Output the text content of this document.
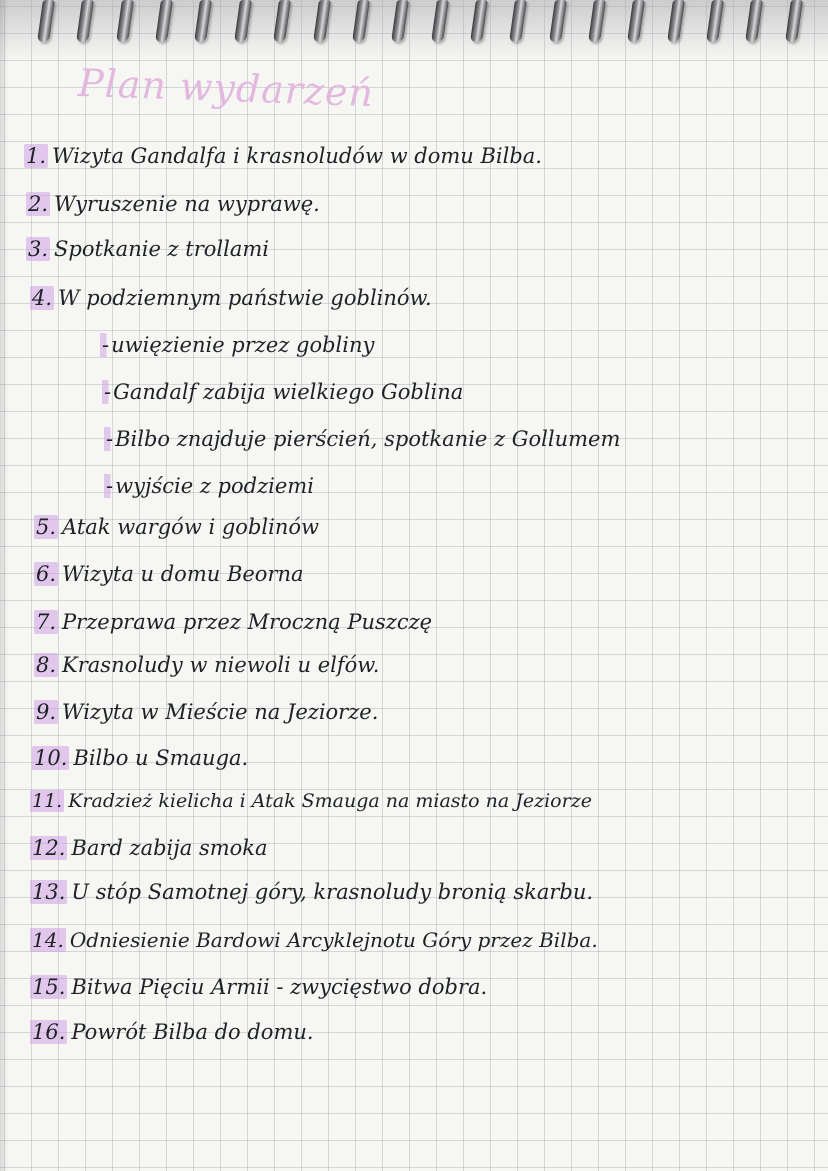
Plan wydarzeń
1. Wizyta Gandalfa i krasnoludów w domu Bilba.
2. Wyruszenie na wyprawę.
3. Spotkanie z trollami
4. W podziemnym państwie goblinów.
-uwięzienie przez gobliny
-Gandalf zabija wielkiego Goblina
-Bilbo znajduje pierścień, spotkanie z Gollumem
-wyjście z podziemi
5. Atak wargów i goblinów
6. Wizyta u domu Beorna
7. Przeprawa przez Mroczną Puszczę
8. Krasnoludy w niewoli u elfów.
9. Wizyta w Mieście na Jeziorze.
10. Bilbo u Smauga.
11. Kradzież kielicha i Atak Smauga na miasto na Jeziorze
12. Bard zabija smoka
13. U stóp Samotnej góry, krasnoludy bronią skarbu.
14. Odniesienie Bardowi Arcyklejnotu Góry przez Bilba.
15. Bitwa Pięciu Armii - zwycięstwo dobra.
16. Powrót Bilba do domu.
